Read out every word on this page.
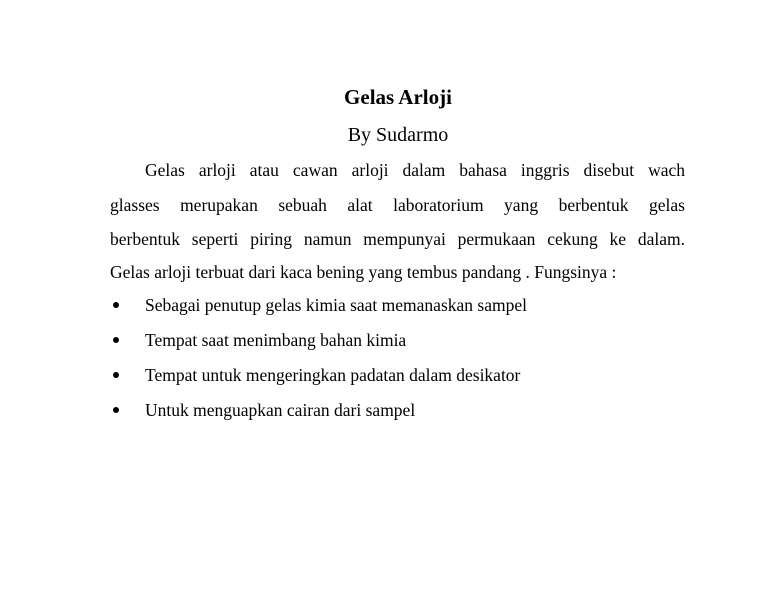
Gelas Arloji

By Sudarmo

Gelas arloji atau cawan arloji dalam bahasa inggris disebut wach

glasses merupakan sebuah alat laboratorium yang berbentuk gelas

berbentuk seperti piring namun mempunyai permukaan cekung ke dalam.

Gelas arloji terbuat dari kaca bening yang tembus pandang . Fungsinya :

Sebagai penutup gelas kimia saat memanaskan sampel
Tempat saat menimbang bahan kimia
Tempat untuk mengeringkan padatan dalam desikator
Untuk menguapkan cairan dari sampel
